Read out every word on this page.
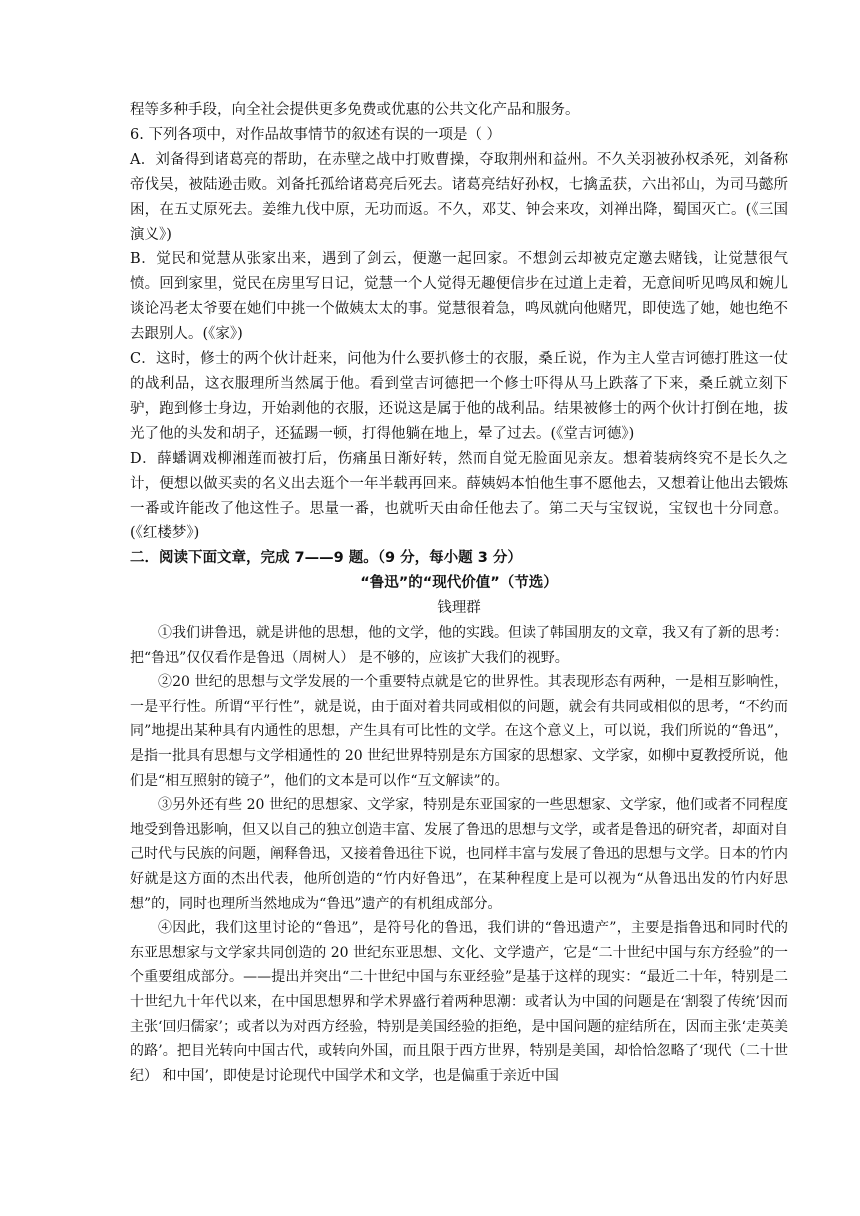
程等多种手段，向全社会提供更多免费或优惠的公共文化产品和服务。

6. 下列各项中，对作品故事情节的叙述有误的一项是（ ）

A．刘备得到诸葛亮的帮助，在赤壁之战中打败曹操，夺取荆州和益州。不久关羽被孙权杀死，刘备称帝伐吴，被陆逊击败。刘备托孤给诸葛亮后死去。诸葛亮结好孙权，七擒孟获，六出祁山，为司马懿所困，在五丈原死去。姜维九伐中原，无功而返。不久，邓艾、钟会来攻，刘禅出降，蜀国灭亡。(《三国演义》)

B．觉民和觉慧从张家出来，遇到了剑云，便邀一起回家。不想剑云却被克定邀去赌钱，让觉慧很气愤。回到家里，觉民在房里写日记，觉慧一个人觉得无趣便信步在过道上走着，无意间听见鸣凤和婉儿谈论冯老太爷要在她们中挑一个做姨太太的事。觉慧很着急，鸣凤就向他赌咒，即使选了她，她也绝不去跟别人。(《家》)

C．这时，修士的两个伙计赶来，问他为什么要扒修士的衣服，桑丘说，作为主人堂吉诃德打胜这一仗的战利品，这衣服理所当然属于他。看到堂吉诃德把一个修士吓得从马上跌落了下来，桑丘就立刻下驴，跑到修士身边，开始剥他的衣服，还说这是属于他的战利品。结果被修士的两个伙计打倒在地，拔光了他的头发和胡子，还猛踢一顿，打得他躺在地上，晕了过去。(《堂吉诃德》)

D．薛蟠调戏柳湘莲而被打后，伤痛虽日渐好转，然而自觉无脸面见亲友。想着装病终究不是长久之计，便想以做买卖的名义出去逛个一年半载再回来。薛姨妈本怕他生事不愿他去，又想着让他出去锻炼一番或许能改了他这性子。思量一番，也就听天由命任他去了。第二天与宝钗说，宝钗也十分同意。(《红楼梦》)

二．阅读下面文章，完成 7——9 题。（9 分，每小题 3 分）

“鲁迅”的“现代价值”（节选）

钱理群

①我们讲鲁迅，就是讲他的思想，他的文学，他的实践。但读了韩国朋友的文章，我又有了新的思考：把“鲁迅”仅仅看作是鲁迅（周树人） 是不够的，应该扩大我们的视野。

②20 世纪的思想与文学发展的一个重要特点就是它的世界性。其表现形态有两种，一是相互影响性，一是平行性。所谓“平行性”，就是说，由于面对着共同或相似的问题，就会有共同或相似的思考，“不约而同”地提出某种具有内通性的思想，产生具有可比性的文学。在这个意义上，可以说，我们所说的“鲁迅”，是指一批具有思想与文学相通性的 20 世纪世界特别是东方国家的思想家、文学家，如柳中夏教授所说，他们是“相互照射的镜子”，他们的文本是可以作“互文解读”的。

③另外还有些 20 世纪的思想家、文学家，特别是东亚国家的一些思想家、文学家，他们或者不同程度地受到鲁迅影响，但又以自己的独立创造丰富、发展了鲁迅的思想与文学，或者是鲁迅的研究者，却面对自己时代与民族的问题，阐释鲁迅，又接着鲁迅往下说，也同样丰富与发展了鲁迅的思想与文学。日本的竹内好就是这方面的杰出代表，他所创造的“竹内好鲁迅”，在某种程度上是可以视为“从鲁迅出发的竹内好思想”的，同时也理所当然地成为“鲁迅”遗产的有机组成部分。

④因此，我们这里讨论的“鲁迅”，是符号化的鲁迅，我们讲的“鲁迅遗产”，主要是指鲁迅和同时代的东亚思想家与文学家共同创造的 20 世纪东亚思想、文化、文学遗产，它是“二十世纪中国与东方经验”的一个重要组成部分。——提出并突出“二十世纪中国与东亚经验”是基于这样的现实：“最近二十年，特别是二十世纪九十年代以来，在中国思想界和学术界盛行着两种思潮：或者认为中国的问题是在‘割裂了传统’因而主张‘回归儒家’；或者以为对西方经验，特别是美国经验的拒绝，是中国问题的症结所在，因而主张‘走英美的路’。把目光转向中国古代，或转向外国，而且限于西方世界，特别是美国，却恰恰忽略了‘现代（二十世纪） 和中国’，即使是讨论现代中国学术和文学，也是偏重于亲近中国
